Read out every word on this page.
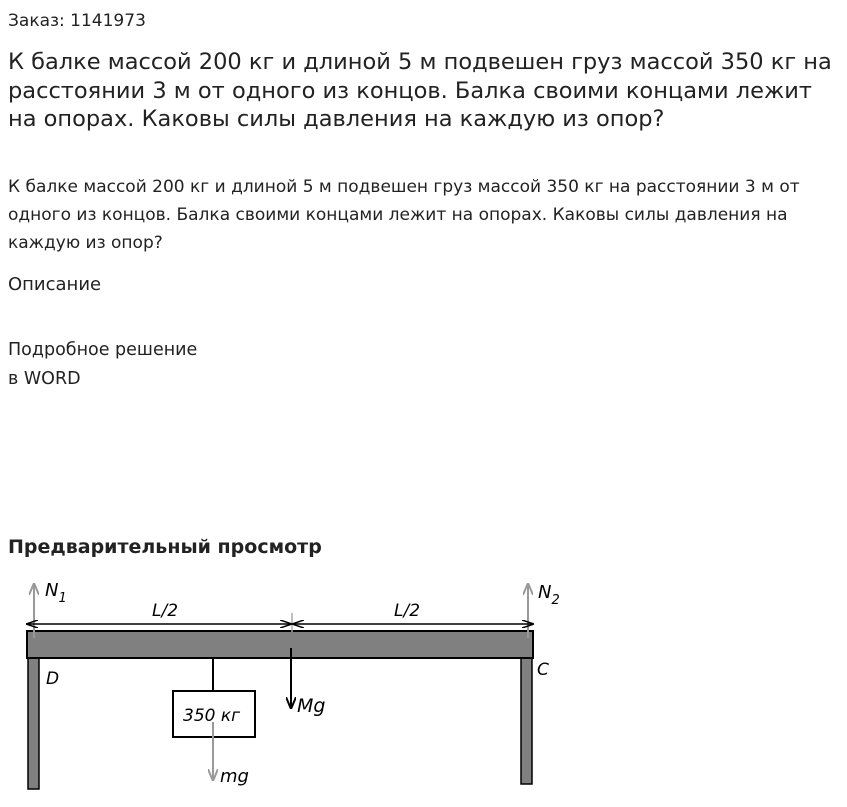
Заказ: 1141973
К балке массой 200 кг и длиной 5 м подвешен груз массой 350 кг на расстоянии 3 м от одного из концов. Балка своими концами лежит на опорах. Каковы силы давления на каждую из опор?

К балке массой 200 кг и длиной 5 м подвешен груз массой 350 кг на расстоянии 3 м от одного из концов. Балка своими концами лежит на опорах. Каковы силы давления на каждую из опор?

Описание
Подробное решение
в WORD
Предварительный просмотр
$N_1$	$N_2$
L/2	L/2
D	C
Mg
350 кг
mg
